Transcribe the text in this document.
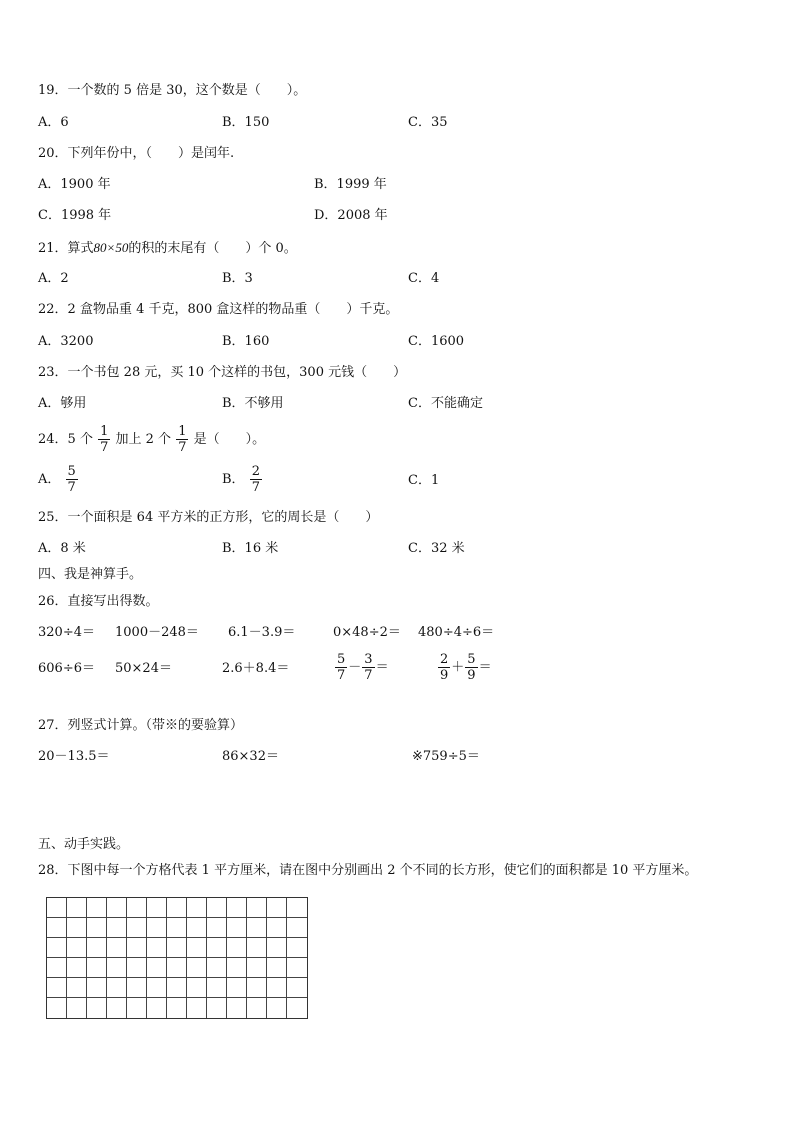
19．一个数的 5 倍是 30，这个数是（　　）。
A．6	B．150	C．35
20．下列年份中，（　　）是闰年.
A．1900 年	B．1999 年
C．1998 年	D．2008 年
21．算式80×50的积的末尾有（　　）个 0。
A．2	B．3	C．4
22．2 盒物品重 4 千克，800 盒这样的物品重（　　）千克。
A．3200	B．160	C．1600
23．一个书包 28 元，买 10 个这样的书包，300 元钱（　　）
A．够用	B．不够用	C．不能确定
24．5 个 $\frac{1}{7}$ 加上 2 个 $\frac{1}{7}$ 是（　　）。
A． $\frac{5}{7}$	B． $\frac{2}{7}$	C．1
25．一个面积是 64 平方米的正方形，它的周长是（　　）
A．8 米	B．16 米	C．32 米
四、我是神算手。
26．直接写出得数。
320÷4＝ 1000－248＝ 6.1－3.9＝	0×48÷2＝ 480÷4÷6＝
606÷6＝ 50×24＝	2.6＋8.4＝	$\frac{5}{7} - \frac{3}{7}$ ＝	$\frac{2}{9} + \frac{5}{9}$ ＝
27．列竖式计算。（带※的要验算）
20－13.5＝	86×32＝	※759÷5＝
五、动手实践。
28．下图中每一个方格代表 1 平方厘米，请在图中分别画出 2 个不同的长方形，使它们的面积都是 10 平方厘米。
